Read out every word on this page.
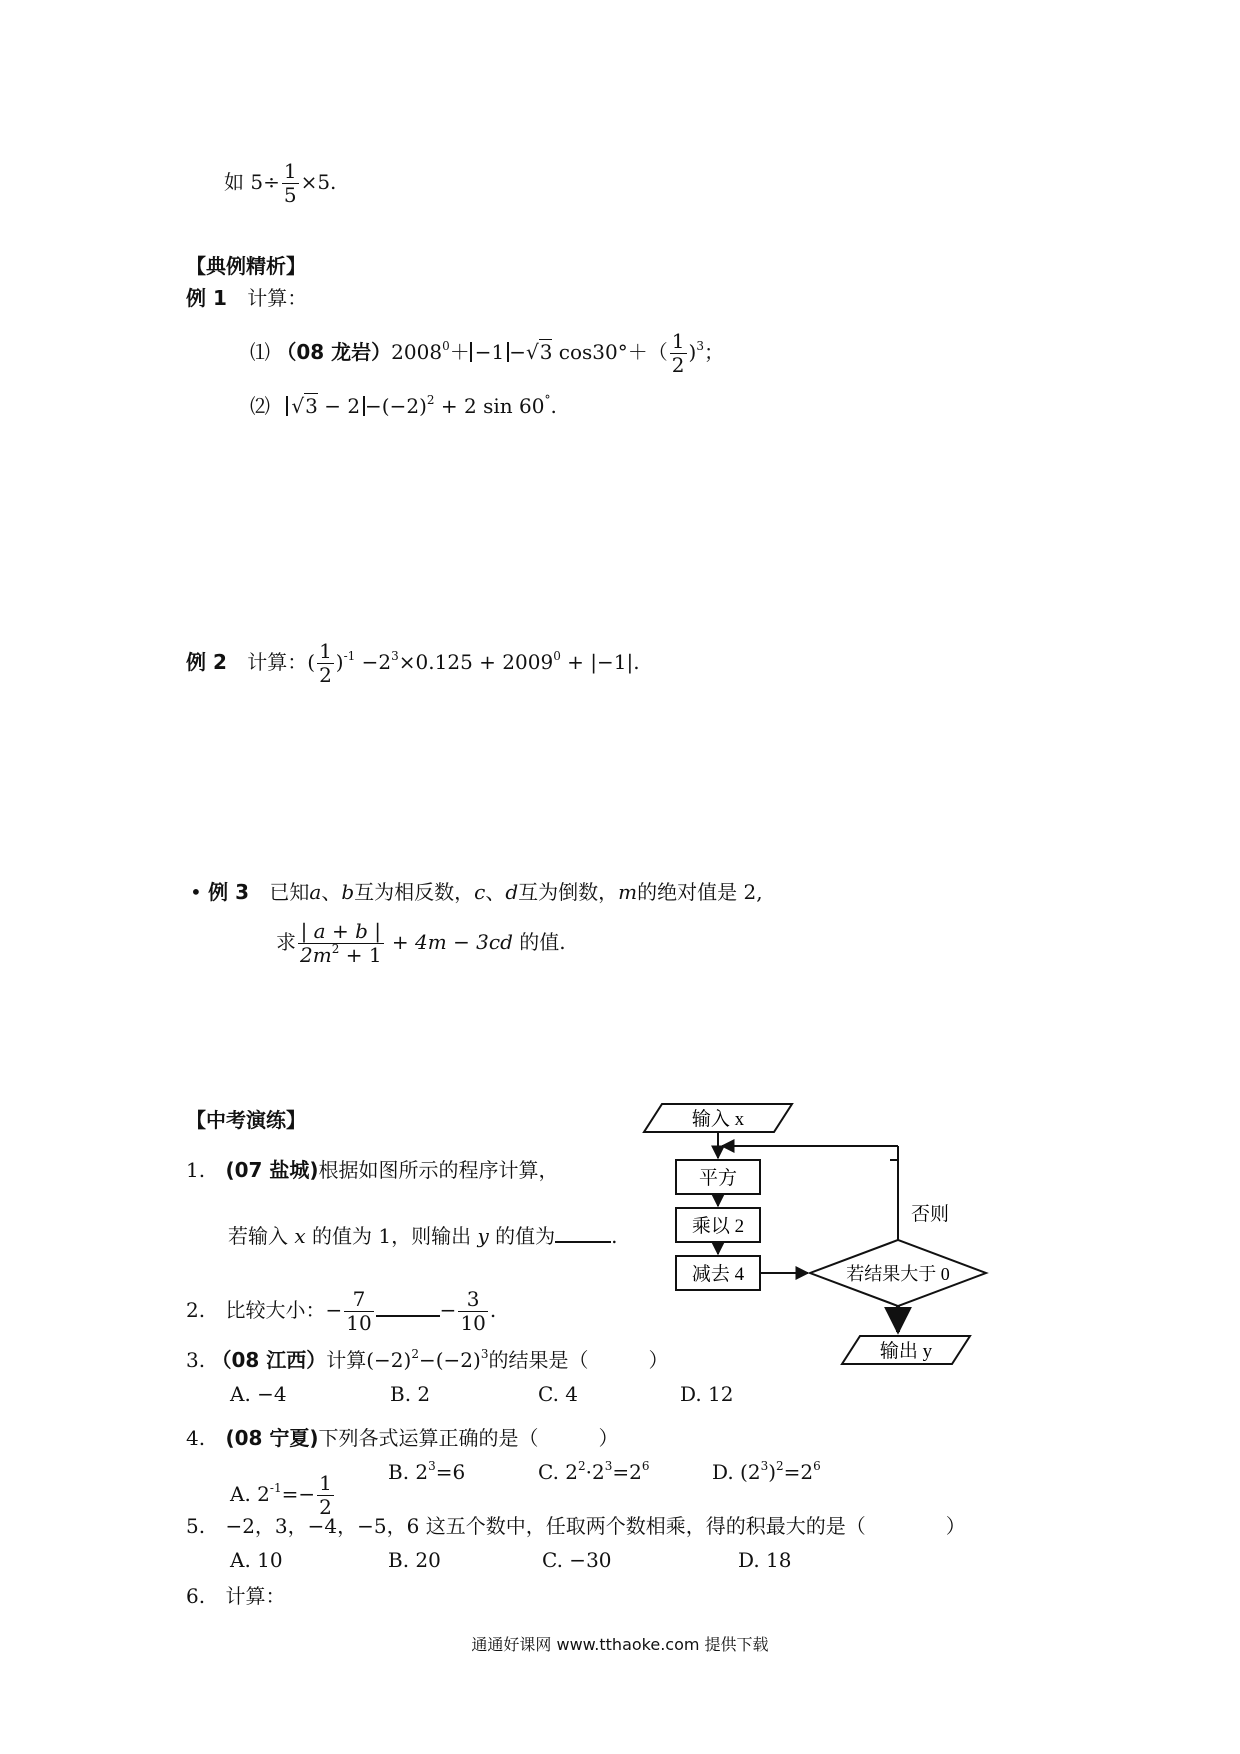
如 $5\div \frac{1}{5} \times 5$.
【典例精析】
例 1 计算：
⑴ （08 龙岩）$2008^0+ -1 -√3$ $\cos 30^\circ+( \frac{1}{2} )^3$；
⑵ $√3 - 2 -(-2)^2 + 2$ sin 60°.
例 2 计算：( $\frac{1}{2} )^{-1} -2^3\times 0.125 + 2009^0 + |-1|$.
• 例 3 已知a、b互为相反数，c、d互为倒数，m的绝对值是 2,
求 $\frac{| a + b |}{2m^2 + 1} + 4m - 3cd$ 的值.
【中考演练】
1. (07 盐城)根据如图所示的程序计算，
若输入 x 的值为 1，则输出 y 的值为	.
2. 比较大小：− $\frac{7}{10}$	− $\frac{3}{10}$ .
3. （08 江西）计算$(-2)^2-(-2)^3$的结果是（　　　）
A. −4	B. 2	C. 4	D. 12
4. (08 宁夏)下列各式运算正确的是（　　　）
A. $2^{-1}=- \frac{1}{2}$	B. $2^3=6$	C. $2^2\cdot 2^3=2^6$	D. $(2^3)^2=2^6$
5. −2，3，−4，−5，6 这五个数中，任取两个数相乘，得的积最大的是（　　　　）
A. 10	B. 20	C. −30	D. 18
6. 计算：
输入 x
平方
乘以 2
减去 4	若结果大于 0
否则
输出 y
通通好课网 www.tthaoke.com 提供下载
